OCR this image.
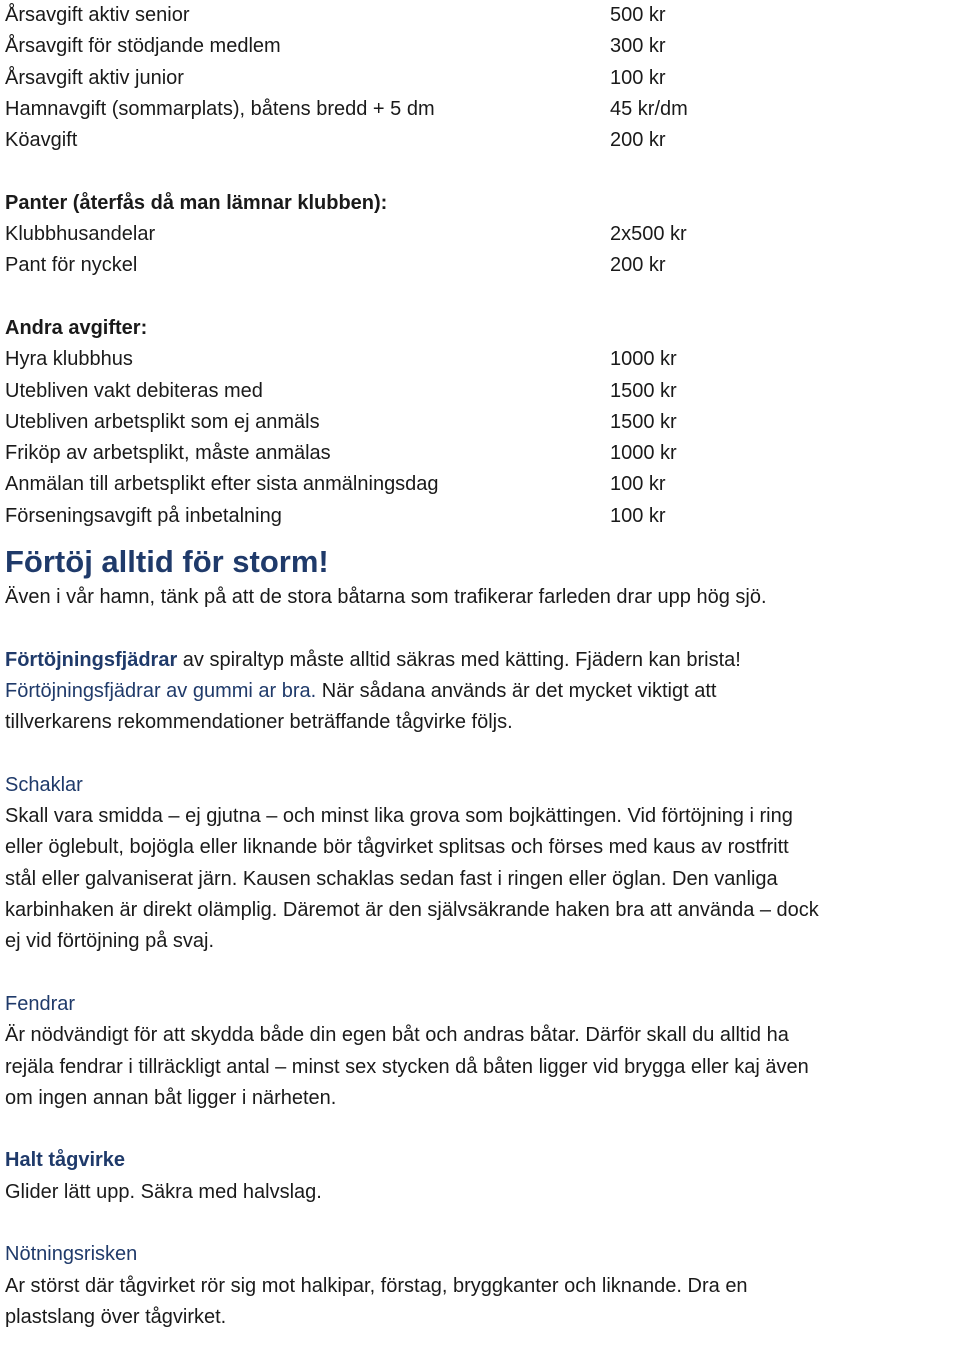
Årsavgift aktiv senior	500 kr
Årsavgift för stödjande medlem	300 kr
Årsavgift aktiv junior	100 kr
Hamnavgift (sommarplats), båtens bredd + 5 dm	45 kr/dm
Köavgift	200 kr
Panter (återfås då man lämnar klubben):
Klubbhusandelar	2x500 kr
Pant för nyckel	200 kr
Andra avgifter:
Hyra klubbhus	1000 kr
Utebliven vakt debiteras med	1500 kr
Utebliven arbetsplikt som ej anmäls	1500 kr
Friköp av arbetsplikt, måste anmälas	1000 kr
Anmälan till arbetsplikt efter sista anmälningsdag	100 kr
Förseningsavgift på inbetalning	100 kr
Förtöj alltid för storm!
Även i vår hamn, tänk på att de stora båtarna som trafikerar farleden drar upp hög sjö.
Förtöjningsfjädrar av spiraltyp måste alltid säkras med kätting. Fjädern kan brista!
Förtöjningsfjädrar av gummi ar bra. När sådana används är det mycket viktigt att
tillverkarens rekommendationer beträffande tågvirke följs.
Schaklar
Skall vara smidda – ej gjutna – och minst lika grova som bojkättingen. Vid förtöjning i ring
eller öglebult, bojögla eller liknande bör tågvirket splitsas och förses med kaus av rostfritt
stål eller galvaniserat järn. Kausen schaklas sedan fast i ringen eller öglan. Den vanliga
karbinhaken är direkt olämplig. Däremot är den självsäkrande haken bra att använda – dock
ej vid förtöjning på svaj.
Fendrar
Är nödvändigt för att skydda både din egen båt och andras båtar. Därför skall du alltid ha
rejäla fendrar i tillräckligt antal – minst sex stycken då båten ligger vid brygga eller kaj även
om ingen annan båt ligger i närheten.
Halt tågvirke
Glider lätt upp. Säkra med halvslag.
Nötningsrisken
Ar störst där tågvirket rör sig mot halkipar, förstag, bryggkanter och liknande. Dra en
plastslang över tågvirket.
